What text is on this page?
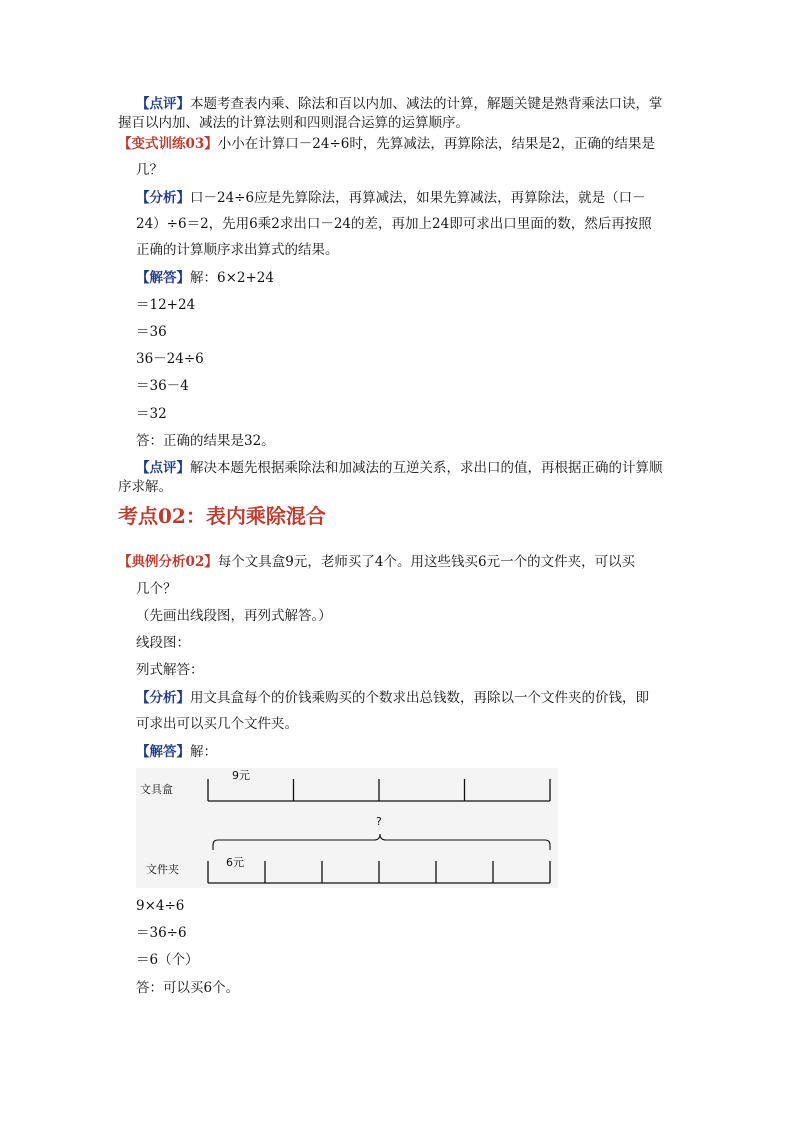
【点评】本题考查表内乘、除法和百以内加、减法的计算，解题关键是熟背乘法口诀，掌
握百以内加、减法的计算法则和四则混合运算的运算顺序。
【变式训练03】小小在计算口－24÷6时，先算减法，再算除法，结果是2，正确的结果是
几？
【分析】口－24÷6应是先算除法，再算减法，如果先算减法，再算除法，就是（口－
24）÷6＝2，先用6乘2求出口－24的差，再加上24即可求出口里面的数，然后再按照
正确的计算顺序求出算式的结果。
【解答】解：6×2+24
＝12+24
＝36
36－24÷6
＝36－4
＝32
答：正确的结果是32。
【点评】解决本题先根据乘除法和加减法的互逆关系，求出口的值，再根据正确的计算顺
序求解。
考点02：表内乘除混合
【典例分析02】每个文具盒9元，老师买了4个。用这些钱买6元一个的文件夹，可以买
几个？
（先画出线段图，再列式解答。）
线段图：
列式解答：
【分析】用文具盒每个的价钱乘购买的个数求出总钱数，再除以一个文件夹的价钱，即
可求出可以买几个文件夹。
【解答】解：
文具盒
文件夹
9元
6元
?
9×4÷6
＝36÷6
＝6（个）
答：可以买6个。
